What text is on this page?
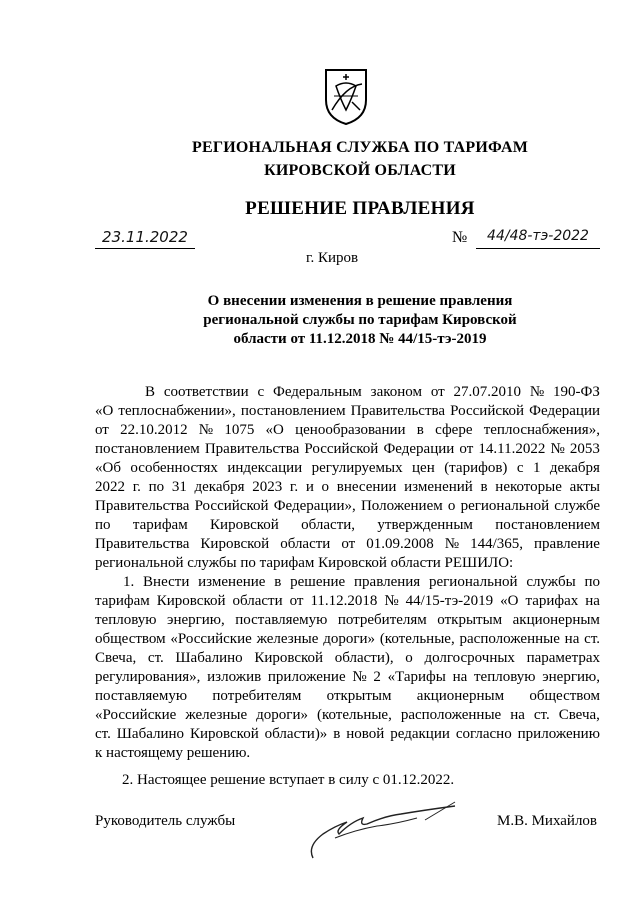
РЕГИОНАЛЬНАЯ СЛУЖБА ПО ТАРИФАМ
КИРОВСКОЙ ОБЛАСТИ
РЕШЕНИЕ ПРАВЛЕНИЯ
23.11.2022	№	44/48-тэ-2022
г. Киров
О внесении изменения в решение правления
региональной службы по тарифам Кировской
области от 11.12.2018 № 44/15-тэ-2019
В соответствии с Федеральным законом от 27.07.2010 № 190-ФЗ
«О теплоснабжении», постановлением Правительства Российской Федерации
от 22.10.2012 № 1075 «О ценообразовании в сфере теплоснабжения»,
постановлением Правительства Российской Федерации от 14.11.2022 № 2053
«Об особенностях индексации регулируемых цен (тарифов) с 1 декабря
2022 г. по 31 декабря 2023 г. и о внесении изменений в некоторые акты
Правительства Российской Федерации», Положением о региональной службе
по тарифам Кировской области, утвержденным постановлением
Правительства Кировской области от 01.09.2008 № 144/365, правление
региональной службы по тарифам Кировской области РЕШИЛО:
1. Внести изменение в решение правления региональной службы по
тарифам Кировской области от 11.12.2018 № 44/15-тэ-2019 «О тарифах на
тепловую энергию, поставляемую потребителям открытым акционерным
обществом «Российские железные дороги» (котельные, расположенные на ст.
Свеча, ст. Шабалино Кировской области), о долгосрочных параметрах
регулирования», изложив приложение № 2 «Тарифы на тепловую энергию,
поставляемую потребителям открытым акционерным обществом
«Российские железные дороги» (котельные, расположенные на ст. Свеча,
ст. Шабалино Кировской области)» в новой редакции согласно приложению
к настоящему решению.
2. Настоящее решение вступает в силу с 01.12.2022.
Руководитель службы	М.В. Михайлов
